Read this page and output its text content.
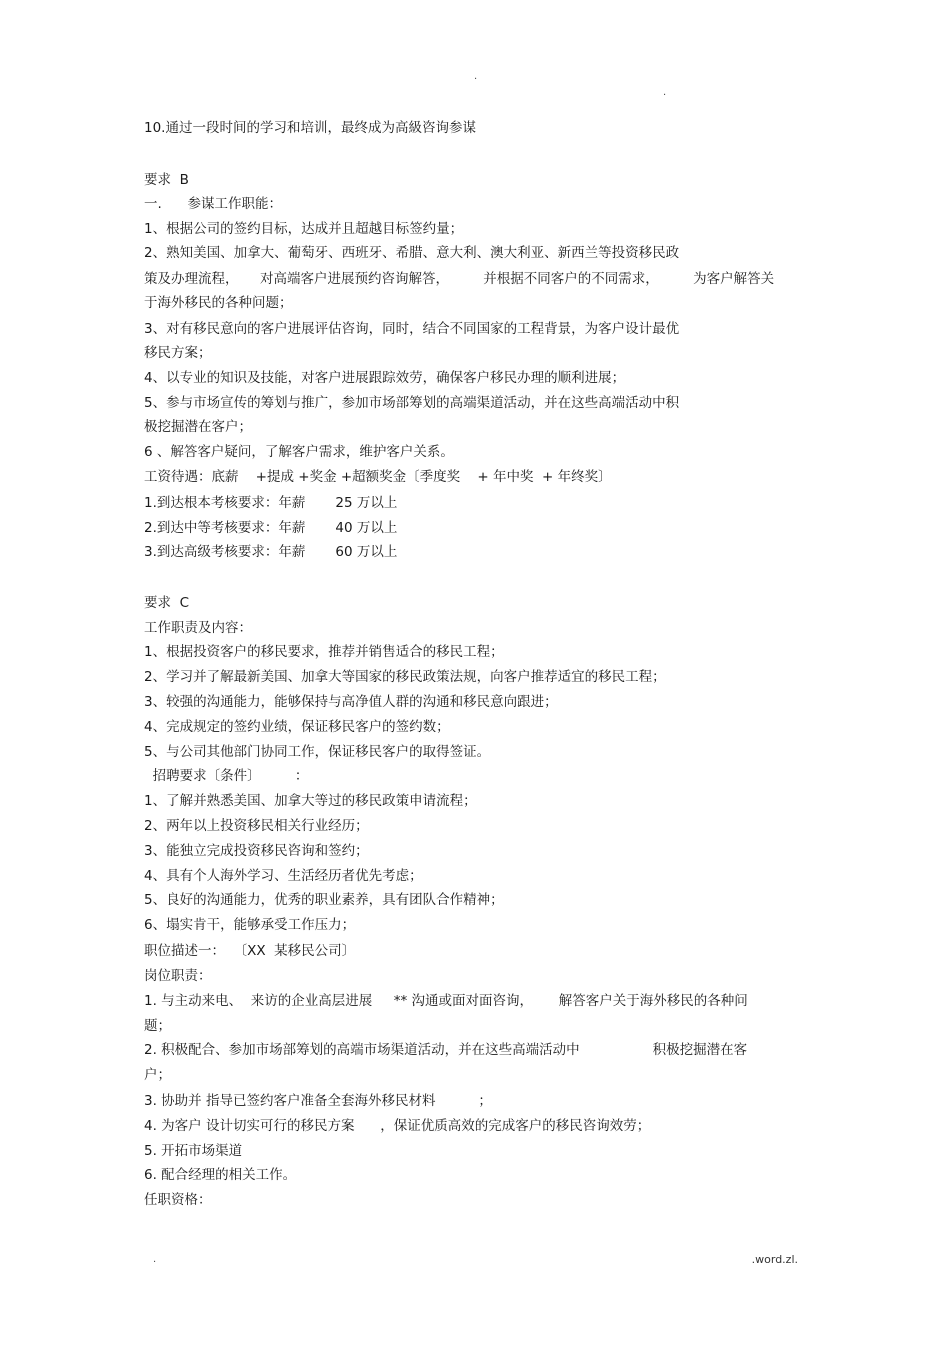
.
.
10.通过一段时间的学习和培训，最终成为高級咨询参谋
要求  B
一.      参谋工作职能：
1、根据公司的签约目标，达成并且超越目标签约量；
2、熟知美国、加拿大、葡萄牙、西班牙、希腊、意大利、澳大利亚、新西兰等投资移民政
策及办理流程，     对高端客户进展预约咨询解答，        并根据不同客户的不同需求，        为客户解答关
于海外移民的各种问题；
3、对有移民意向的客户进展评估咨询，同时，结合不同国家的工程背景，为客户设计最优
移民方案；
4、以专业的知识及技能，对客户进展跟踪效劳，确保客户移民办理的顺利进展；
5、参与市场宣传的筹划与推广，参加市场部筹划的高端渠道活动，并在这些高端活动中积
极挖掘潜在客户；
6 、解答客户疑问，了解客户需求，维护客户关系。
工资待遇：底薪    +提成 +奖金 +超额奖金〔季度奖    + 年中奖  + 年终奖〕
1.到达根本考核要求：年薪       25 万以上
2.到达中等考核要求：年薪       40 万以上
3.到达高级考核要求：年薪       60 万以上
要求  C
工作职责及内容：
1、根据投资客户的移民要求，推荐并销售适合的移民工程；
2、学习并了解最新美国、加拿大等国家的移民政策法规，向客户推荐适宜的移民工程；
3、较强的沟通能力，能够保持与高净值人群的沟通和移民意向跟进；
4、完成规定的签约业绩，保证移民客户的签约数；
5、与公司其他部门协同工作，保证移民客户的取得签证。
招聘要求〔条件〕        ：
1、了解并熟悉美国、加拿大等过的移民政策申请流程；
2、两年以上投资移民相关行业经历；
3、能独立完成投资移民咨询和签约；
4、具有个人海外学习、生活经历者优先考虑；
5、良好的沟通能力，优秀的职业素养，具有团队合作精神；
6、塌实肯干，能够承受工作压力；
职位描述一：  〔XX  某移民公司〕
岗位职责：
1. 与主动来电、  来访的企业高层进展     ** 沟通或面对面咨询，      解答客户关于海外移民的各种问
题；
2. 积极配合、参加市场部筹划的高端市场渠道活动，并在这些高端活动中                 积极挖掘潜在客
户；
3. 协助并 指导已签约客户准备全套海外移民材料          ；
4. 为客户 设计切实可行的移民方案      ，保证优质高效的完成客户的移民咨询效劳；
5. 开拓市场渠道
6. 配合经理的相关工作。
任职资格：
.	.word.zl.
